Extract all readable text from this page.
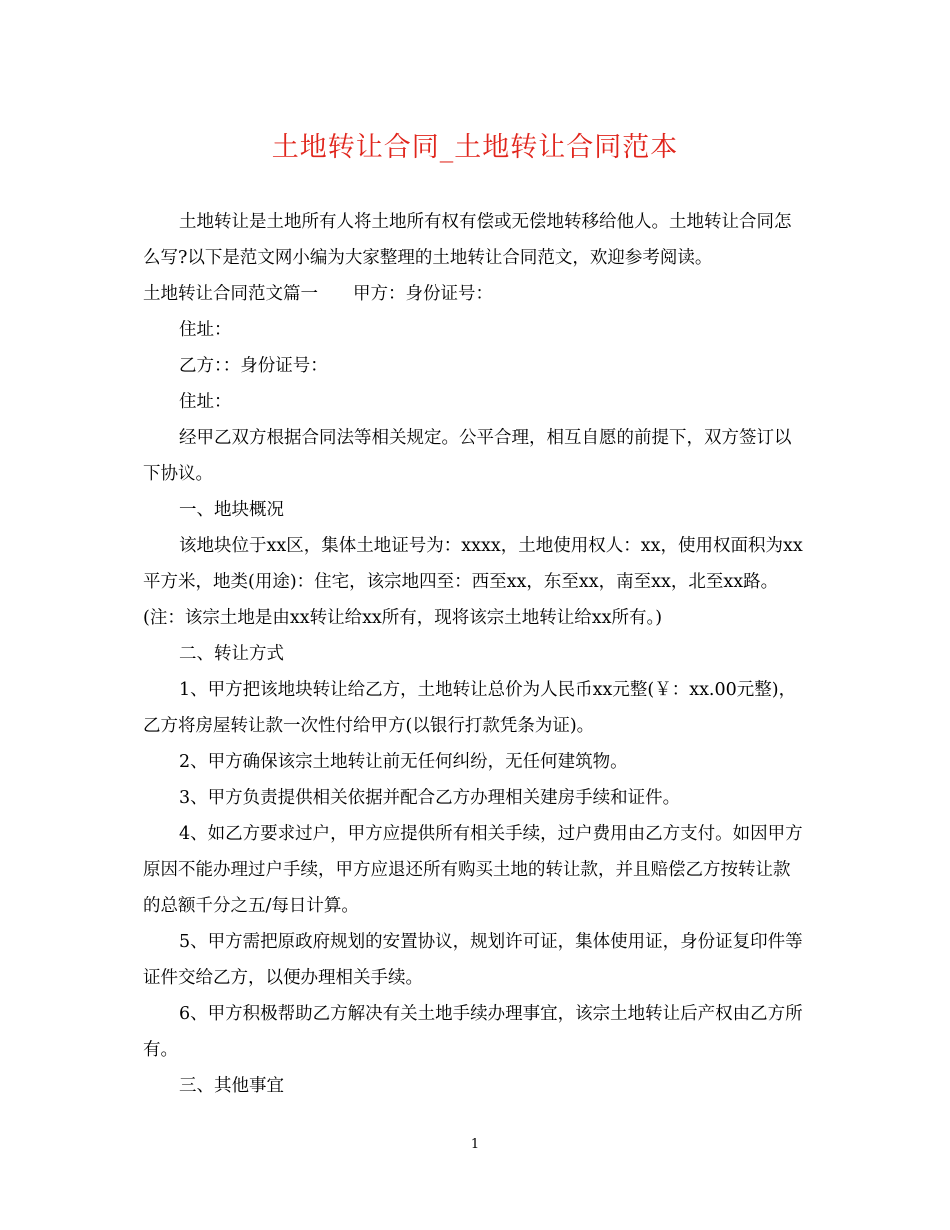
土地转让合同_土地转让合同范本

土地转让是土地所有人将土地所有权有偿或无偿地转移给他人。土地转让合同怎么写?以下是范文网小编为大家整理的土地转让合同范文，欢迎参考阅读。

土地转让合同范文篇一　　甲方：身份证号：

住址：

乙方：：身份证号：

住址：

经甲乙双方根据合同法等相关规定。公平合理，相互自愿的前提下，双方签订以下协议。

一、地块概况

该地块位于xx区，集体土地证号为：xxxx，土地使用权人：xx，使用权面积为xx平方米，地类(用途)：住宅，该宗地四至：西至xx，东至xx，南至xx，北至xx路。(注：该宗土地是由xx转让给xx所有，现将该宗土地转让给xx所有。)

二、转让方式

1、甲方把该地块转让给乙方，土地转让总价为人民币xx元整(￥：xx.00元整)，乙方将房屋转让款一次性付给甲方(以银行打款凭条为证)。

2、甲方确保该宗土地转让前无任何纠纷，无任何建筑物。

3、甲方负责提供相关依据并配合乙方办理相关建房手续和证件。

4、如乙方要求过户，甲方应提供所有相关手续，过户费用由乙方支付。如因甲方原因不能办理过户手续，甲方应退还所有购买土地的转让款，并且赔偿乙方按转让款的总额千分之五/每日计算。

5、甲方需把原政府规划的安置协议，规划许可证，集体使用证，身份证复印件等证件交给乙方，以便办理相关手续。

6、甲方积极帮助乙方解决有关土地手续办理事宜，该宗土地转让后产权由乙方所有。

三、其他事宜

1
